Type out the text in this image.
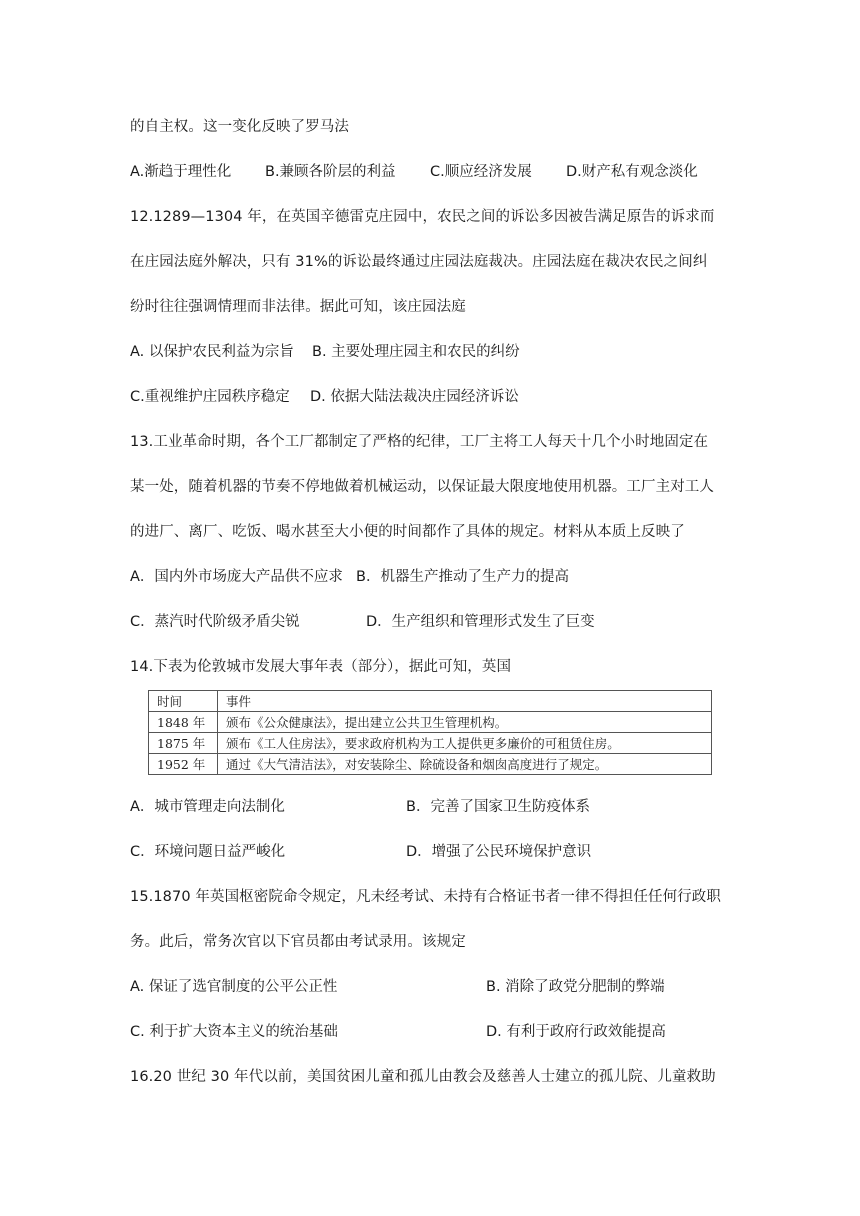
的自主权。这一变化反映了罗马法
A.渐趋于理性化 B.兼顾各阶层的利益 C.顺应经济发展 D.财产私有观念淡化
12.1289—1304 年，在英国辛德雷克庄园中，农民之间的诉讼多因被告满足原告的诉求而
在庄园法庭外解决，只有 31%的诉讼最终通过庄园法庭裁决。庄园法庭在裁决农民之间纠
纷时往往强调情理而非法律。据此可知，该庄园法庭
A. 以保护农民利益为宗旨 B. 主要处理庄园主和农民的纠纷
C.重视维护庄园秩序稳定 D. 依据大陆法裁决庄园经济诉讼
13.工业革命时期，各个工厂都制定了严格的纪律，工厂主将工人每天十几个小时地固定在
某一处，随着机器的节奏不停地做着机械运动，以保证最大限度地使用机器。工厂主对工人
的进厂、离厂、吃饭、喝水甚至大小便的时间都作了具体的规定。材料从本质上反映了
A．国内外市场庞大产品供不应求 B．机器生产推动了生产力的提高
C．蒸汽时代阶级矛盾尖锐	D．生产组织和管理形式发生了巨变
14.下表为伦敦城市发展大事年表（部分），据此可知，英国
时间	事件
1848 年	颁布《公众健康法》，提出建立公共卫生管理机构。
1875 年	颁布《工人住房法》，要求政府机构为工人提供更多廉价的可租赁住房。
1952 年	通过《大气清洁法》，对安装除尘、除硫设备和烟囱高度进行了规定。
A．城市管理走向法制化	B．完善了国家卫生防疫体系
C．环境问题日益严峻化	D．增强了公民环境保护意识
15.1870 年英国枢密院命令规定，凡未经考试、未持有合格证书者一律不得担任任何行政职
务。此后，常务次官以下官员都由考试录用。该规定
A. 保证了选官制度的公平公正性	B. 消除了政党分肥制的弊端
C. 利于扩大资本主义的统治基础	D. 有利于政府行政效能提高
16.20 世纪 30 年代以前，美国贫困儿童和孤儿由教会及慈善人士建立的孤儿院、儿童救助
